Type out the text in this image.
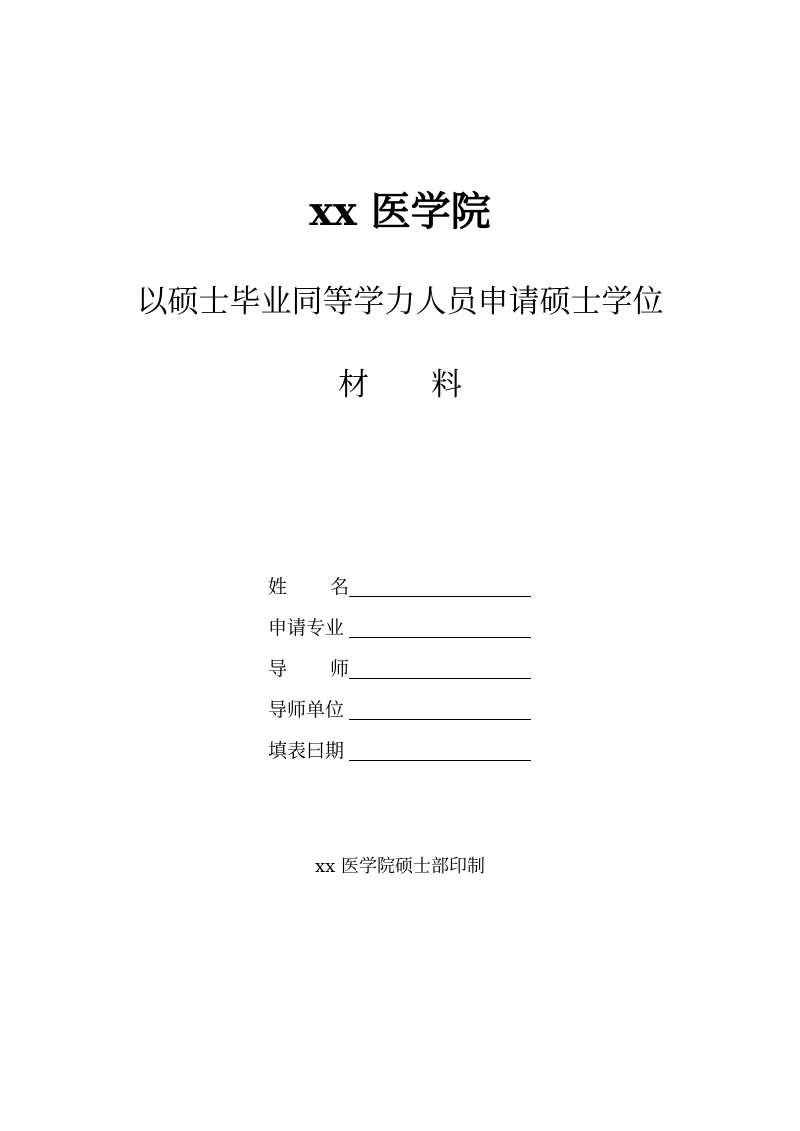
xx 医学院
以硕士毕业同等学力人员申请硕士学位
材 料
姓 名
申请专业
导 师
导师单位
填表曰期
xx 医学院硕士部印制
